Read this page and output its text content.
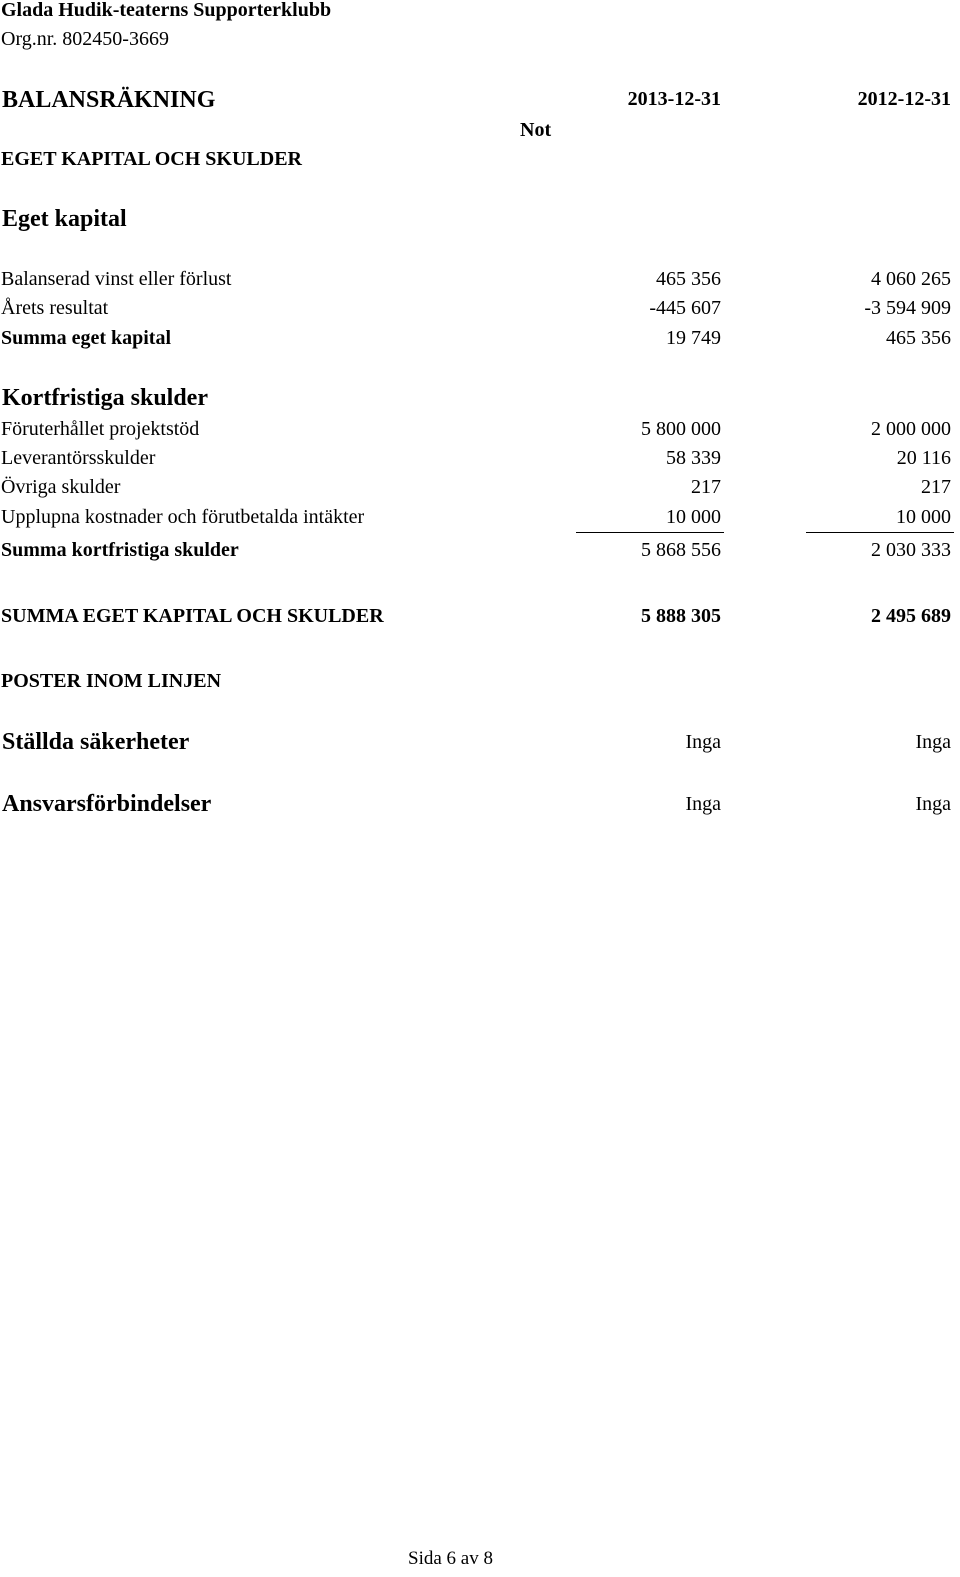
Glada Hudik-teaterns Supporterklubb
Org.nr. 802450-3669
BALANSRÄKNING	2013-12-31	2012-12-31
Not
EGET KAPITAL OCH SKULDER
Eget kapital
Balanserad vinst eller förlust	465 356	4 060 265
Årets resultat	-445 607	-3 594 909
Summa eget kapital	19 749	465 356
Kortfristiga skulder
Föruterhållet projektstöd	5 800 000	2 000 000
Leverantörsskulder	58 339	20 116
Övriga skulder	217	217
Upplupna kostnader och förutbetalda intäkter	10 000	10 000
Summa kortfristiga skulder	5 868 556	2 030 333
SUMMA EGET KAPITAL OCH SKULDER	5 888 305	2 495 689
POSTER INOM LINJEN
Ställda säkerheter	Inga	Inga
Ansvarsförbindelser	Inga	Inga
Sida 6 av 8
